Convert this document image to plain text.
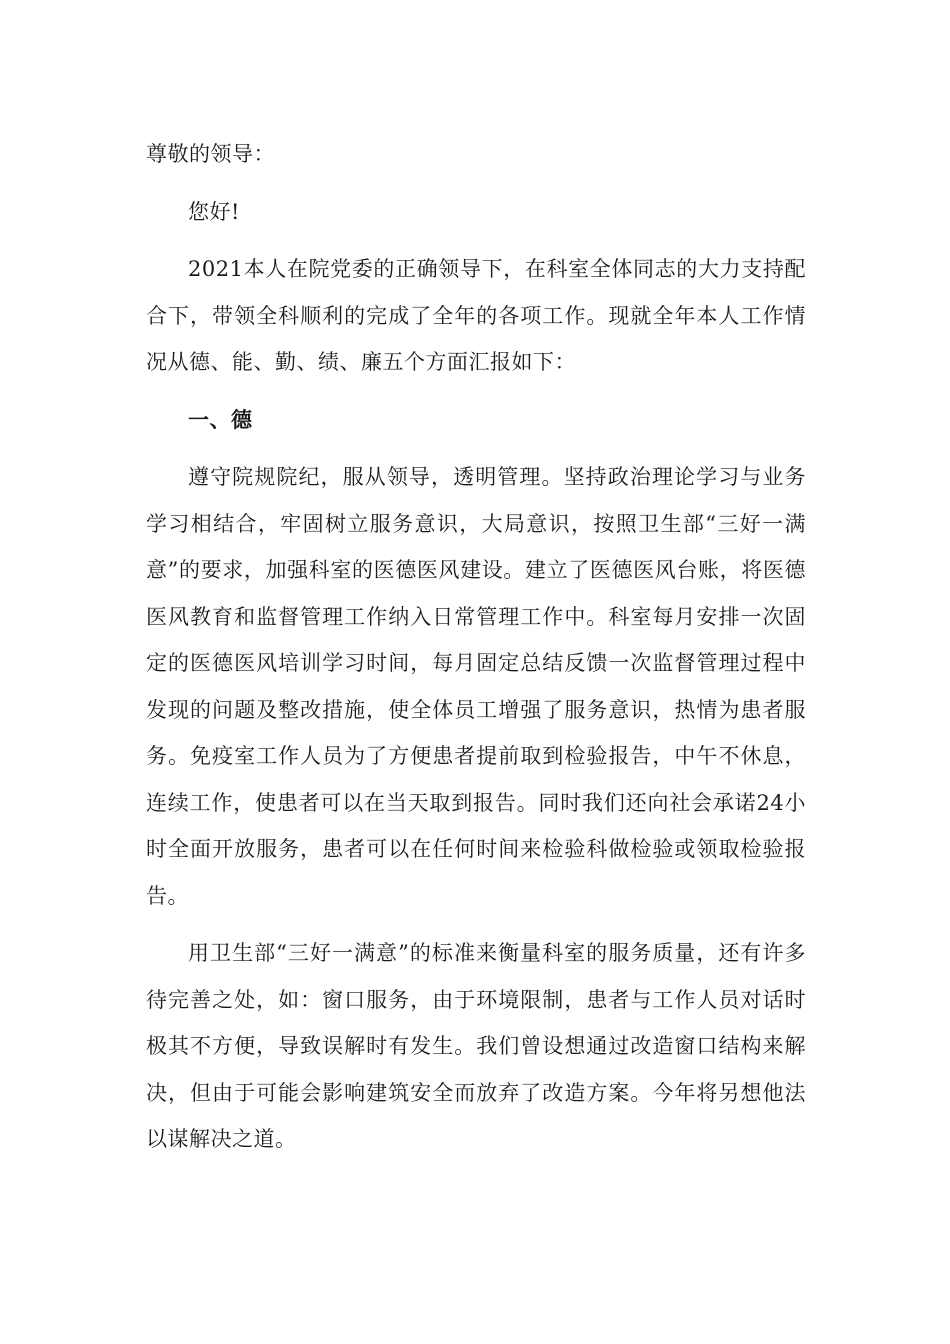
尊敬的领导：

您好!

2021本人在院党委的正确领导下，在科室全体同志的大力支持配合下，带领全科顺利的完成了全年的各项工作。现就全年本人工作情况从德、能、勤、绩、廉五个方面汇报如下：

一、德

遵守院规院纪，服从领导，透明管理。坚持政治理论学习与业务学习相结合，牢固树立服务意识，大局意识，按照卫生部“三好一满意”的要求，加强科室的医德医风建设。建立了医德医风台账，将医德医风教育和监督管理工作纳入日常管理工作中。科室每月安排一次固定的医德医风培训学习时间，每月固定总结反馈一次监督管理过程中发现的问题及整改措施，使全体员工增强了服务意识，热情为患者服务。免疫室工作人员为了方便患者提前取到检验报告，中午不休息，连续工作，使患者可以在当天取到报告。同时我们还向社会承诺24小时全面开放服务，患者可以在任何时间来检验科做检验或领取检验报告。

用卫生部“三好一满意”的标准来衡量科室的服务质量，还有许多待完善之处，如：窗口服务，由于环境限制，患者与工作人员对话时极其不方便，导致误解时有发生。我们曾设想通过改造窗口结构来解决，但由于可能会影响建筑安全而放弃了改造方案。今年将另想他法以谋解决之道。
